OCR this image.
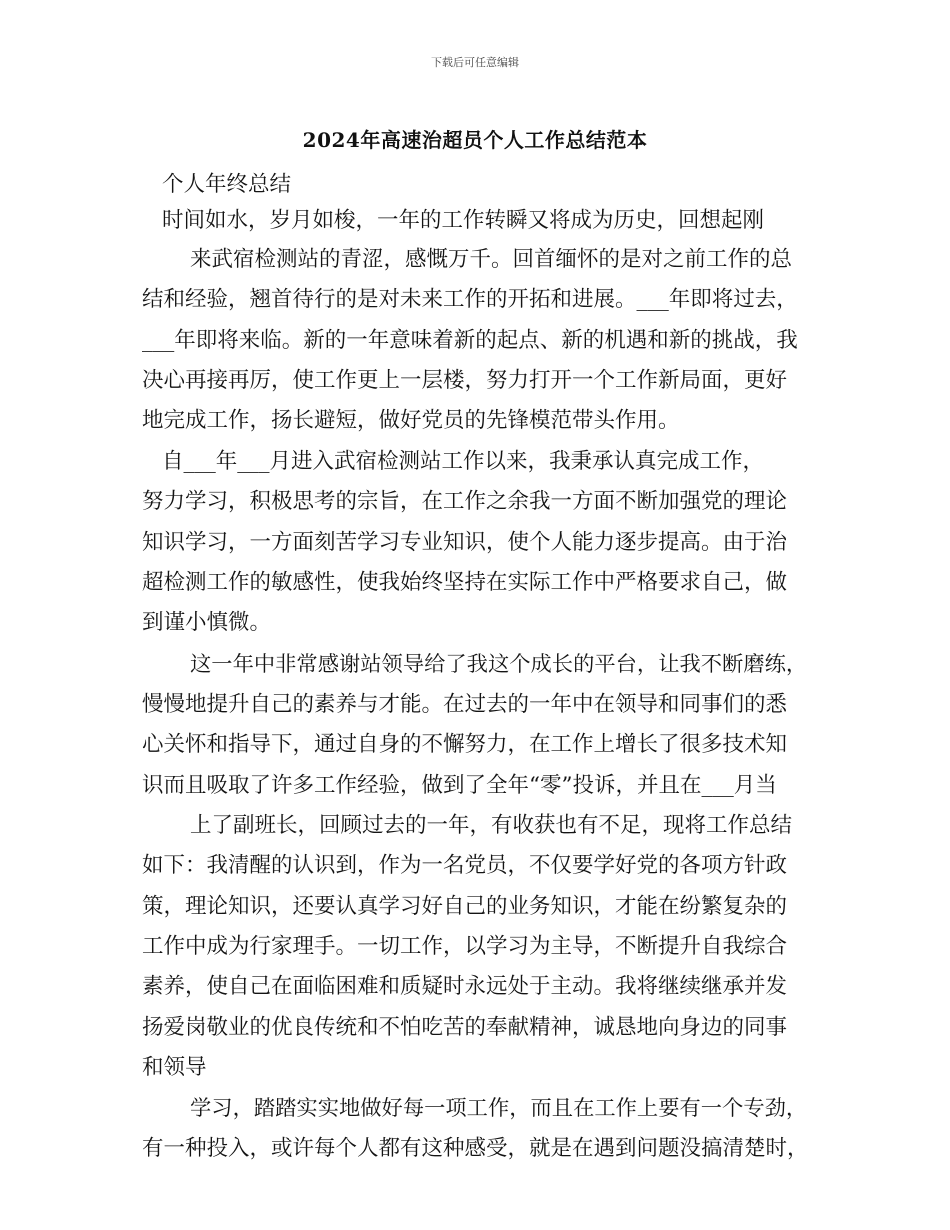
下载后可任意编辑
2024年高速治超员个人工作总结范本
个人年终总结
时间如水，岁月如梭，一年的工作转瞬又将成为历史，回想起刚
来武宿检测站的青涩，感慨万千。回首缅怀的是对之前工作的总
结和经验，翘首待行的是对未来工作的开拓和进展。___年即将过去，
___年即将来临。新的一年意味着新的起点、新的机遇和新的挑战，我
决心再接再厉，使工作更上一层楼，努力打开一个工作新局面，更好
地完成工作，扬长避短，做好党员的先锋模范带头作用。
自___年___月进入武宿检测站工作以来，我秉承认真完成工作，
努力学习，积极思考的宗旨，在工作之余我一方面不断加强党的理论
知识学习，一方面刻苦学习专业知识，使个人能力逐步提高。由于治
超检测工作的敏感性，使我始终坚持在实际工作中严格要求自己，做
到谨小慎微。
这一年中非常感谢站领导给了我这个成长的平台，让我不断磨练，
慢慢地提升自己的素养与才能。在过去的一年中在领导和同事们的悉
心关怀和指导下，通过自身的不懈努力，在工作上增长了很多技术知
识而且吸取了许多工作经验，做到了全年“零”投诉，并且在___月当
上了副班长，回顾过去的一年，有收获也有不足，现将工作总结
如下：我清醒的认识到，作为一名党员，不仅要学好党的各项方针政
策，理论知识，还要认真学习好自己的业务知识，才能在纷繁复杂的
工作中成为行家理手。一切工作，以学习为主导，不断提升自我综合
素养，使自己在面临困难和质疑时永远处于主动。我将继续继承并发
扬爱岗敬业的优良传统和不怕吃苦的奉献精神，诚恳地向身边的同事
和领导
学习，踏踏实实地做好每一项工作，而且在工作上要有一个专劲，
有一种投入，或许每个人都有这种感受，就是在遇到问题没搞清楚时，
